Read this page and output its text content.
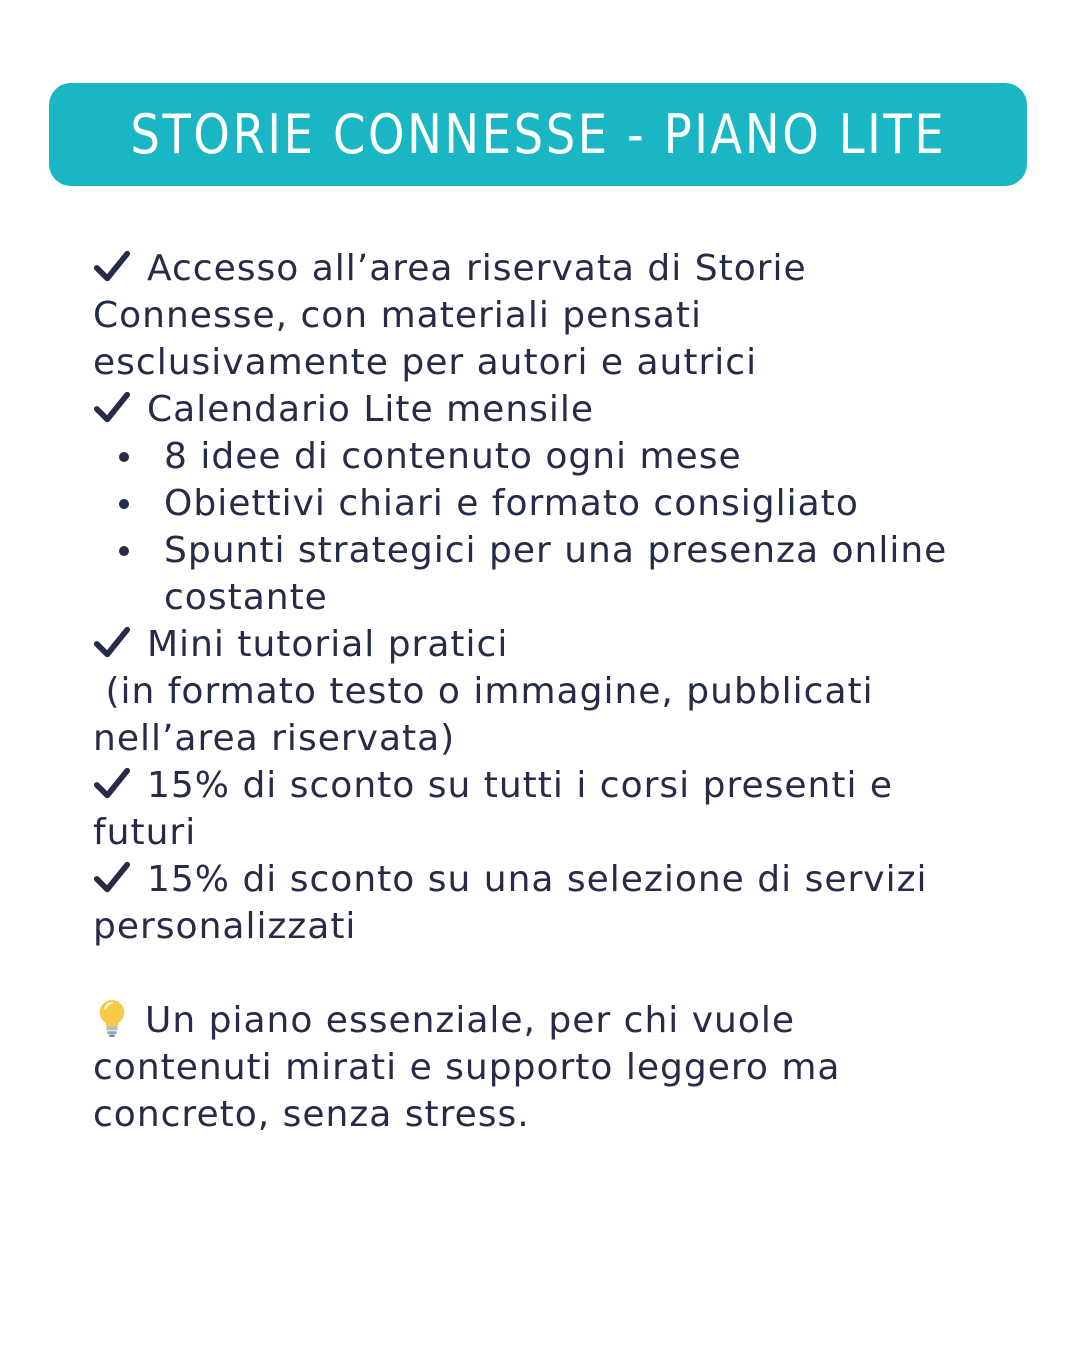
STORIE CONNESSE - PIANO LITE
Accesso all’area riservata di Storie
Connesse, con materiali pensati
esclusivamente per autori e autrici
Calendario Lite mensile
8 idee di contenuto ogni mese
Obiettivi chiari e formato consigliato
Spunti strategici per una presenza online costante
Mini tutorial pratici
(in formato testo o immagine, pubblicati
nell’area riservata)
15% di sconto su tutti i corsi presenti e
futuri
15% di sconto su una selezione di servizi
personalizzati
Un piano essenziale, per chi vuole
contenuti mirati e supporto leggero ma
concreto, senza stress.
